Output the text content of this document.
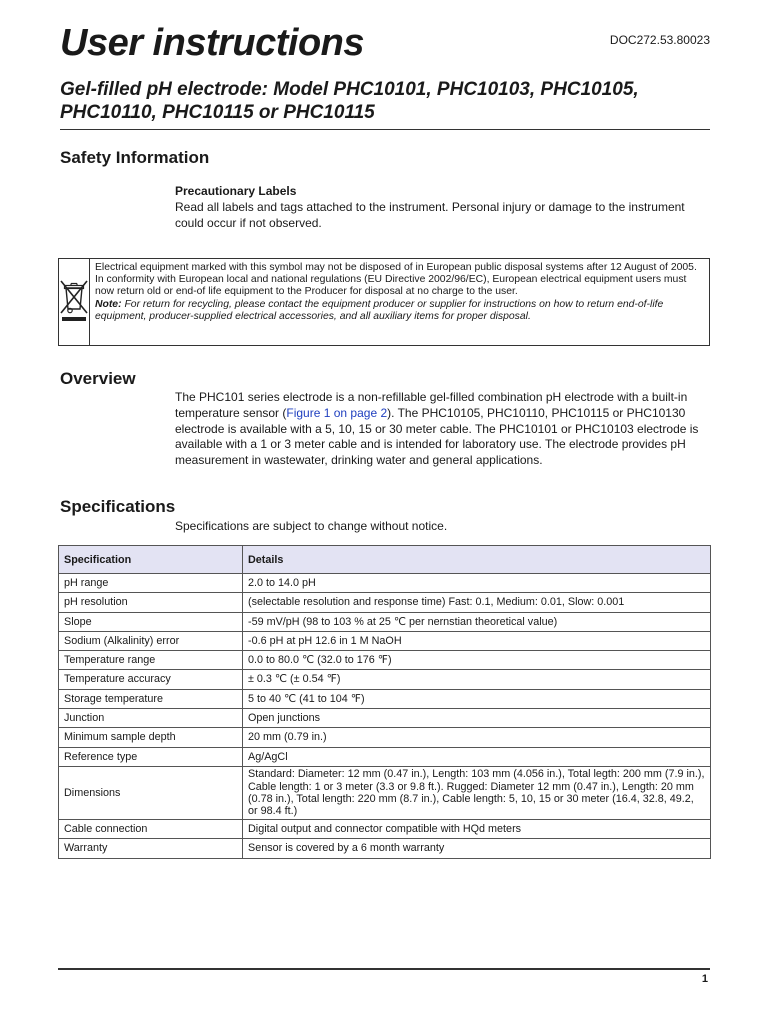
DOC272.53.80023
User instructions
Gel-filled pH electrode: Model PHC10101, PHC10103, PHC10105, PHC10110, PHC10115 or PHC10115
Safety Information

Precautionary Labels
Read all labels and tags attached to the instrument. Personal injury or damage to the instrument could occur if not observed.

Electrical equipment marked with this symbol may not be disposed of in European public disposal systems after 12 August of 2005. In conformity with European local and national regulations (EU Directive 2002/96/EC), European electrical equipment users must now return old or end-of life equipment to the Producer for disposal at no charge to the user.
Note: For return for recycling, please contact the equipment producer or supplier for instructions on how to return end-of-life equipment, producer-supplied electrical accessories, and all auxiliary items for proper disposal.
Overview

The PHC101 series electrode is a non-refillable gel-filled combination pH electrode with a built-in temperature sensor (Figure 1 on page 2). The PHC10105, PHC10110, PHC10115 or PHC10130 electrode is available with a 5, 10, 15 or 30 meter cable. The PHC10101 or PHC10103 electrode is available with a 1 or 3 meter cable and is intended for laboratory use. The electrode provides pH measurement in wastewater, drinking water and general applications.

Specifications

Specifications are subject to change without notice.

Specification	Details
pH range	2.0 to 14.0 pH
pH resolution	(selectable resolution and response time) Fast: 0.1, Medium: 0.01, Slow: 0.001
Slope	-59 mV/pH (98 to 103 % at 25 ℃ per nernstian theoretical value)
Sodium (Alkalinity) error	-0.6 pH at pH 12.6 in 1 M NaOH
Temperature range	0.0 to 80.0 ℃ (32.0 to 176 ℉)
Temperature accuracy	± 0.3 ℃ (± 0.54 ℉)
Storage temperature	5 to 40 ℃ (41 to 104 ℉)
Junction	Open junctions
Minimum sample depth	20 mm (0.79 in.)
Reference type	Ag/AgCl
Dimensions	Standard: Diameter: 12 mm (0.47 in.), Length: 103 mm (4.056 in.), Total legth: 200 mm (7.9 in.), Cable length: 1 or 3 meter (3.3 or 9.8 ft.). Rugged: Diameter 12 mm (0.47 in.), Length: 20 mm (0.78 in.), Total length: 220 mm (8.7 in.), Cable length: 5, 10, 15 or 30 meter (16.4, 32.8, 49.2, or 98.4 ft.)
Cable connection	Digital output and connector compatible with HQd meters
Warranty	Sensor is covered by a 6 month warranty
1
